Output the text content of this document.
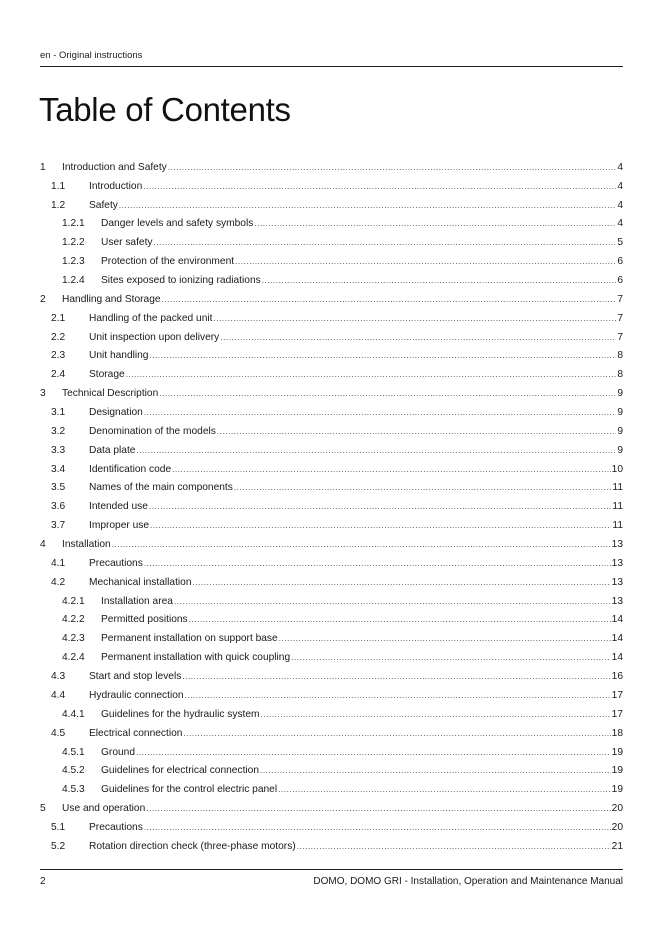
en - Original instructions
Table of Contents
1	Introduction and Safety .....	4
1.1	Introduction .....	4
1.2	Safety .....	4
1.2.1	Danger levels and safety symbols .....	4
1.2.2	User safety .....	5
1.2.3	Protection of the environment .....	6
1.2.4	Sites exposed to ionizing radiations .....	6
2	Handling and Storage .....	7
2.1	Handling of the packed unit .....	7
2.2	Unit inspection upon delivery .....	7
2.3	Unit handling .....	8
2.4	Storage .....	8
3	Technical Description .....	9
3.1	Designation .....	9
3.2	Denomination of the models .....	9
3.3	Data plate .....	9
3.4	Identification code .....	10
3.5	Names of the main components .....	11
3.6	Intended use .....	11
3.7	Improper use .....	11
4	Installation .....	13
4.1	Precautions .....	13
4.2	Mechanical installation .....	13
4.2.1	Installation area .....	13
4.2.2	Permitted positions .....	14
4.2.3	Permanent installation on support base .....	14
4.2.4	Permanent installation with quick coupling .....	14
4.3	Start and stop levels .....	16
4.4	Hydraulic connection .....	17
4.4.1	Guidelines for the hydraulic system .....	17
4.5	Electrical connection .....	18
4.5.1	Ground .....	19
4.5.2	Guidelines for electrical connection .....	19
4.5.3	Guidelines for the control electric panel .....	19
5	Use and operation .....	20
5.1	Precautions .....	20
5.2	Rotation direction check (three-phase motors) .....	21
2	DOMO, DOMO GRI - Installation, Operation and Maintenance Manual
